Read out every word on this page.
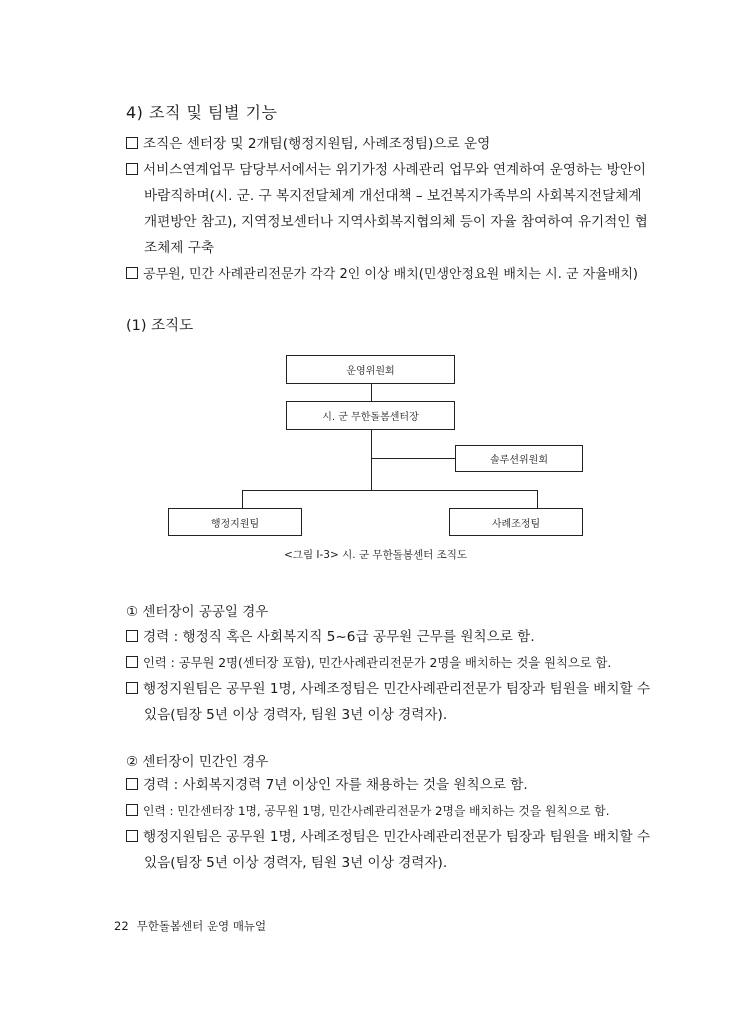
4) 조직 및 팀별 기능
조직은 센터장 및 2개팀(행정지원팀, 사례조정팀)으로 운영
서비스연계업무 담당부서에서는 위기가정 사례관리 업무와 연계하여 운영하는 방안이
바람직하며(시. 군. 구 복지전달체계 개선대책 – 보건복지가족부의 사회복지전달체계
개편방안 참고), 지역정보센터나 지역사회복지협의체 등이 자율 참여하여 유기적인 협
조체제 구축
공무원, 민간 사례관리전문가 각각 2인 이상 배치(민생안정요원 배치는 시. 군 자율배치)
(1) 조직도
운영위원회
시. 군 무한돌봄센터장
솔루션위원회
행정지원팀	사례조정팀
<그림 Ⅰ-3> 시. 군 무한돌봄센터 조직도
① 센터장이 공공일 경우
경력 : 행정직 혹은 사회복지직 5~6급 공무원 근무를 원칙으로 함.
인력 : 공무원 2명(센터장 포함), 민간사례관리전문가 2명을 배치하는 것을 원칙으로 함.
행정지원팀은 공무원 1명, 사례조정팀은 민간사례관리전문가 팀장과 팀원을 배치할 수
있음(팀장 5년 이상 경력자, 팀원 3년 이상 경력자).
② 센터장이 민간인 경우
경력 : 사회복지경력 7년 이상인 자를 채용하는 것을 원칙으로 함.
인력 : 민간센터장 1명, 공무원 1명, 민간사례관리전문가 2명을 배치하는 것을 원칙으로 함.
행정지원팀은 공무원 1명, 사례조정팀은 민간사례관리전문가 팀장과 팀원을 배치할 수
있음(팀장 5년 이상 경력자, 팀원 3년 이상 경력자).
22 무한돌봄센터 운영 매뉴얼
